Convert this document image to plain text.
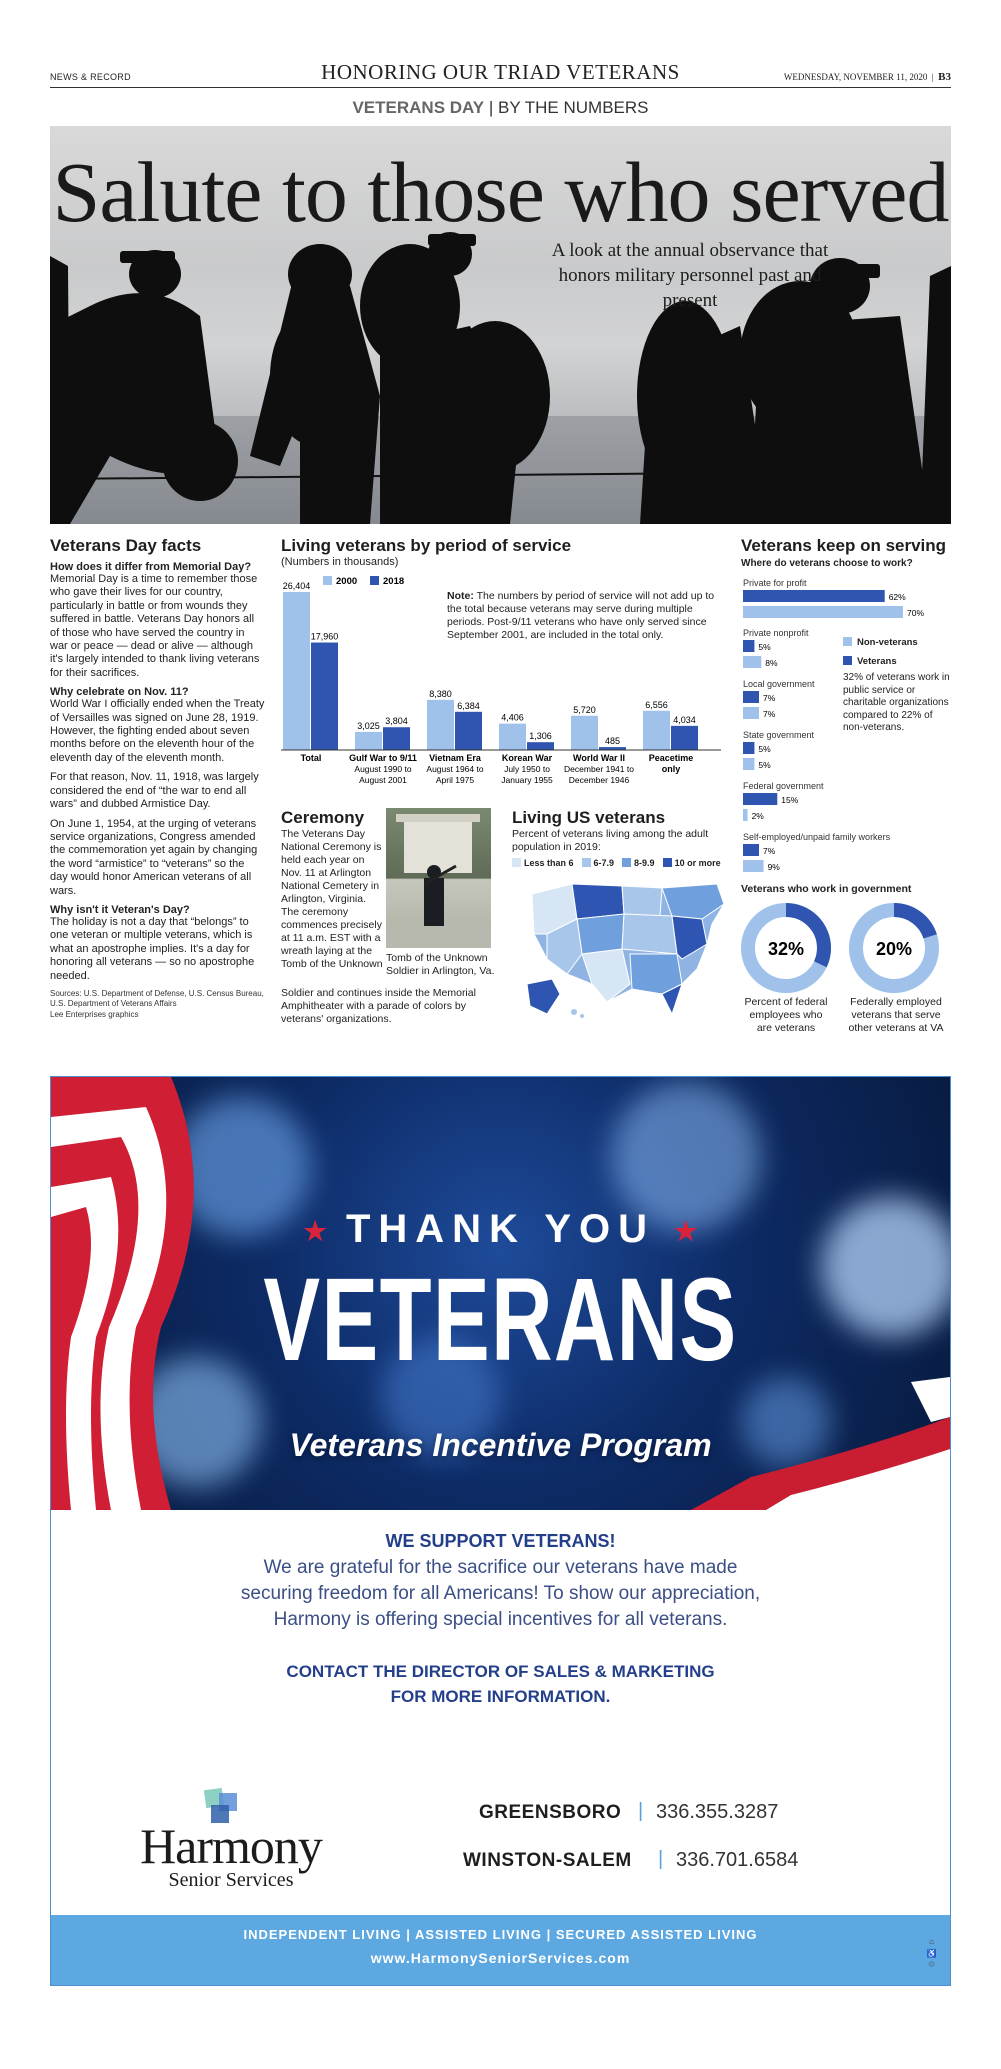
NEWS & RECORD	HONORING OUR TRIAD VETERANS	WEDNESDAY, NOVEMBER 11, 2020  |  B3
VETERANS DAY | BY THE NUMBERS
Salute to those who served
A look at the annual observance that honors military personnel past and present
Veterans Day facts
How does it differ from Memorial Day?
Memorial Day is a time to remember those who gave their lives for our country, particularly in battle or from wounds they suffered in battle. Veterans Day honors all of those who have served the country in war or peace — dead or alive — although it's largely intended to thank living veterans for their sacrifices.
Why celebrate on Nov. 11?
World War I officially ended when the Treaty of Versailles was signed on June 28, 1919. However, the fighting ended about seven months before on the eleventh hour of the eleventh day of the eleventh month.
For that reason, Nov. 11, 1918, was largely considered the end of “the war to end all wars” and dubbed Armistice Day.
On June 1, 1954, at the urging of veterans service organizations, Congress amended the commemoration yet again by changing the word “armistice” to “veterans” so the day would honor American veterans of all wars.
Why isn't it Veteran's Day?
The holiday is not a day that “belongs” to one veteran or multiple veterans, which is what an apostrophe implies. It's a day for honoring all veterans — so no apostrophe needed.
Sources: U.S. Department of Defense, U.S. Census Bureau, U.S. Department of Veterans Affairs
Lee Enterprises graphics
Living veterans by period of service
(Numbers in thousands)
Note: The numbers by period of service will not add up to the total because veterans may serve during multiple periods. Post-9/11 veterans who have only served since September 2001, are included in the total only.
2000	2018
26,404
17,960
Total
3,025 3,804
Gulf War to 9/11
August 1990 to
August 2001
8,380
6,384
Vietnam Era
August 1964 to
April 1975
4,406
1,306
Korean War
July 1950 to
January 1955
5,720
485
World War II
December 1941 to
December 1946
6,556
4,034
Peacetime
only
Ceremony
The Veterans Day National Ceremony is held each year on Nov. 11 at Arlington National Cemetery in Arlington, Virginia. The ceremony commences precisely at 11 a.m. EST with a wreath laying at the Tomb of the Unknown Tomb of the Unknown Soldier in Arlington, Va.
Soldier and continues inside the Memorial Amphitheater with a parade of colors by veterans' organizations.
Living US veterans
Percent of veterans living among the adult population in 2019:
Less than 6	6-7.9	8-9.9	10 or more
Veterans keep on serving
Where do veterans choose to work?
Private for profit
62%
70%
Private nonprofit
5%
8%
Local government
7%
7%
State government
5%
5%
Federal government
15%
2%
Self-employed/unpaid family workers
7%
9%
Non-veterans
Veterans
32% of veterans work in public service or charitable organizations compared to 22% of non-veterans.
Veterans who work in government
32%	20%
Percent of federal employees who are veterans
Federally employed veterans that serve other veterans at VA
★ THANK YOU ★
VETERANS
Veterans Incentive Program
WE SUPPORT VETERANS!
We are grateful for the sacrifice our veterans have made
securing freedom for all Americans! To show our appreciation,
Harmony is offering special incentives for all veterans.
CONTACT THE DIRECTOR OF SALES & MARKETING
FOR MORE INFORMATION.
Harmony
Senior Services
GREENSBORO | 336.355.3287
WINSTON-SALEM | 336.701.6584
INDEPENDENT LIVING | ASSISTED LIVING | SECURED ASSISTED LIVING
www.HarmonySeniorServices.com	⌂ ♿ ♲
